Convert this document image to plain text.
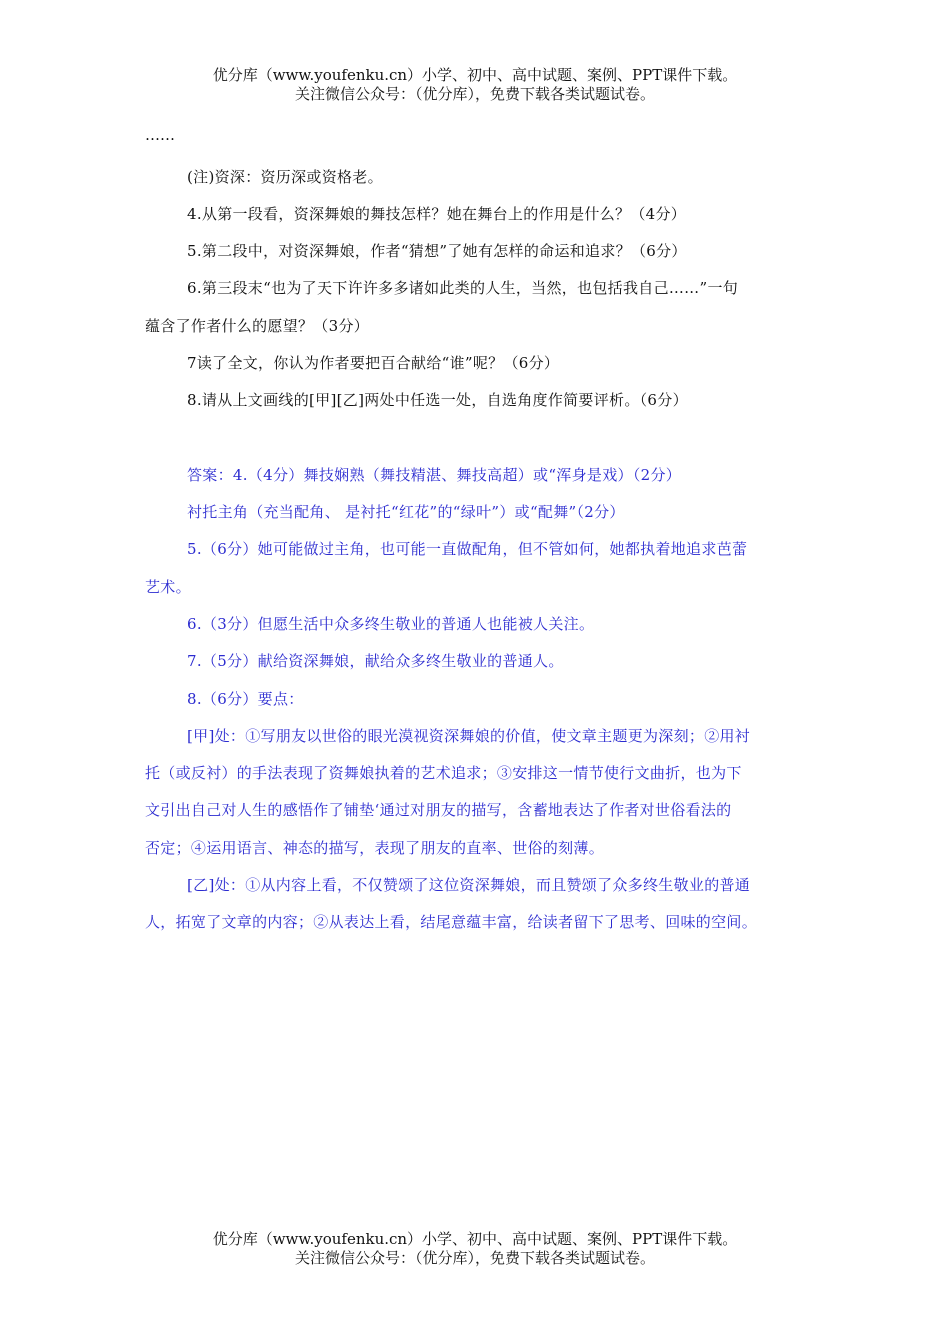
优分库（www.youfenku.cn）小学、初中、高中试题、案例、PPT课件下载。
关注微信公众号：（优分库），免费下载各类试题试卷。
……
(注)资深：资历深或资格老。
4.从第一段看，资深舞娘的舞技怎样？她在舞台上的作用是什么？（4分）
5.第二段中，对资深舞娘，作者“猜想”了她有怎样的命运和追求？（6分）
6.第三段末“也为了天下许许多多诸如此类的人生，当然，也包括我自己……”一句
蕴含了作者什么的愿望？（3分）
7读了全文，你认为作者要把百合献给“谁”呢？（6分）
8.请从上文画线的[甲][乙]两处中任选一处，自选角度作简要评析。（6分）
答案：4.（4分）舞技娴熟（舞技精湛、舞技高超）或“浑身是戏）（2分）
衬托主角（充当配角、 是衬托“红花”的“绿叶”）或“配舞”（2分）
5.（6分）她可能做过主角，也可能一直做配角，但不管如何，她都执着地追求芭蕾
艺术。
6.（3分）但愿生活中众多终生敬业的普通人也能被人关注。
7.（5分）献给资深舞娘，献给众多终生敬业的普通人。
8.（6分）要点：
[甲]处：①写朋友以世俗的眼光漠视资深舞娘的价值，使文章主题更为深刻；②用衬
托（或反衬）的手法表现了资舞娘执着的艺术追求；③安排这一情节使行文曲折，也为下
文引出自己对人生的感悟作了铺垫‘通过对朋友的描写，含蓄地表达了作者对世俗看法的
否定；④运用语言、神态的描写，表现了朋友的直率、世俗的刻薄。
[乙]处：①从内容上看，不仅赞颂了这位资深舞娘，而且赞颂了众多终生敬业的普通
人，拓宽了文章的内容；②从表达上看，结尾意蕴丰富，给读者留下了思考、回味的空间。
优分库（www.youfenku.cn）小学、初中、高中试题、案例、PPT课件下载。
关注微信公众号：（优分库），免费下载各类试题试卷。
